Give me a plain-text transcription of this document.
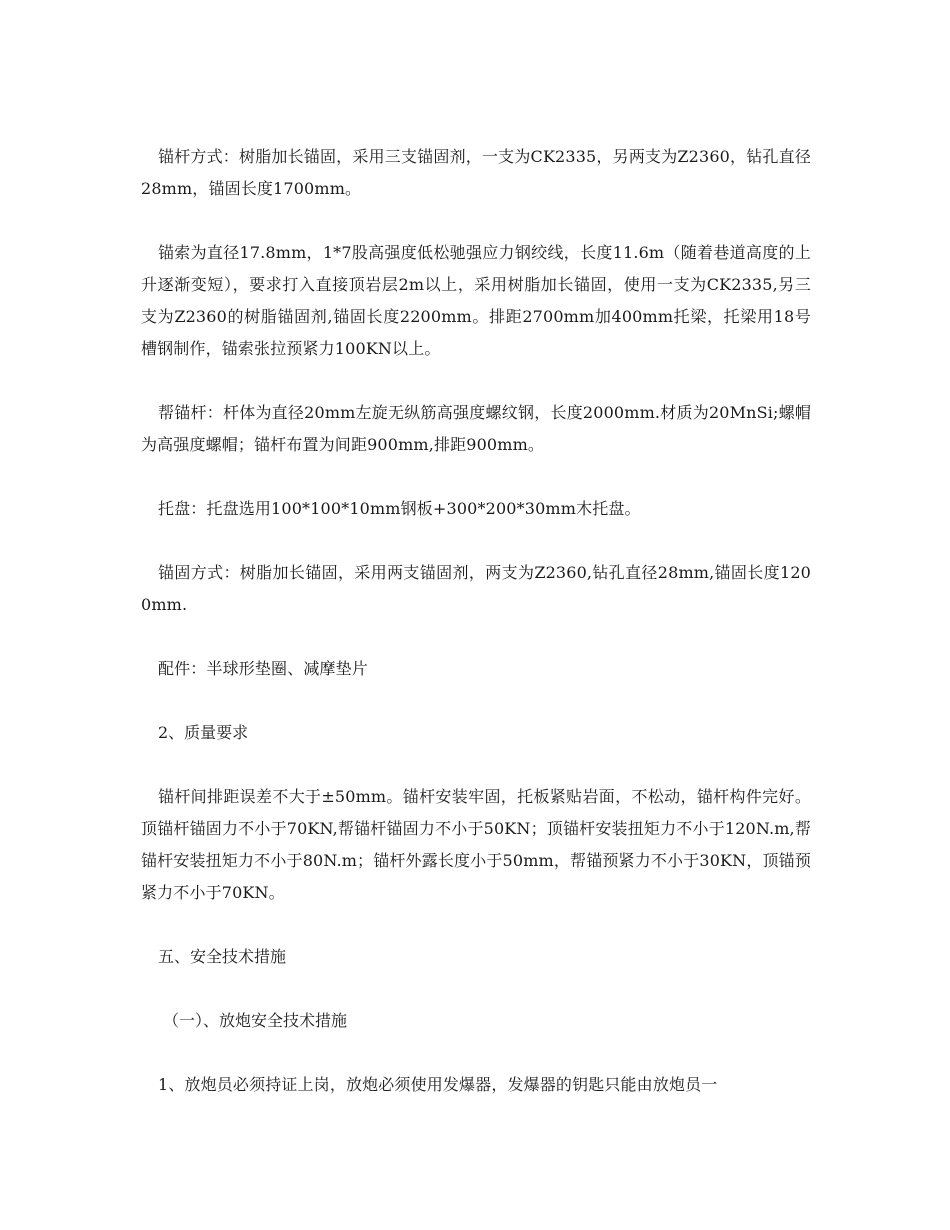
锚杆方式：树脂加长锚固，采用三支锚固剂，一支为CK2335，另两支为Z2360，钻孔直径28mm，锚固长度1700mm。

锚索为直径17.8mm，1*7股高强度低松驰强应力钢绞线，长度11.6m（随着巷道高度的上升逐渐变短），要求打入直接顶岩层2m以上，采用树脂加长锚固，使用一支为CK2335,另三支为Z2360的树脂锚固剂,锚固长度2200mm。排距2700mm加400mm托梁，托梁用18号槽钢制作，锚索张拉预紧力100KN以上。

帮锚杆：杆体为直径20mm左旋无纵筋高强度螺纹钢，长度2000mm.材质为20MnSi;螺帽为高强度螺帽；锚杆布置为间距900mm,排距900mm。

托盘：托盘选用100*100*10mm钢板+300*200*30mm木托盘。

锚固方式：树脂加长锚固，采用两支锚固剂，两支为Z2360,钻孔直径28mm,锚固长度1200mm.

配件：半球形垫圈、减摩垫片

2、质量要求

锚杆间排距误差不大于±50mm。锚杆安装牢固，托板紧贴岩面，不松动，锚杆构件完好。顶锚杆锚固力不小于70KN,帮锚杆锚固力不小于50KN；顶锚杆安装扭矩力不小于120N.m,帮锚杆安装扭矩力不小于80N.m；锚杆外露长度小于50mm，帮锚预紧力不小于30KN，顶锚预紧力不小于70KN。

五、安全技术措施

（一）、放炮安全技术措施

1、放炮员必须持证上岗，放炮必须使用发爆器，发爆器的钥匙只能由放炮员一
